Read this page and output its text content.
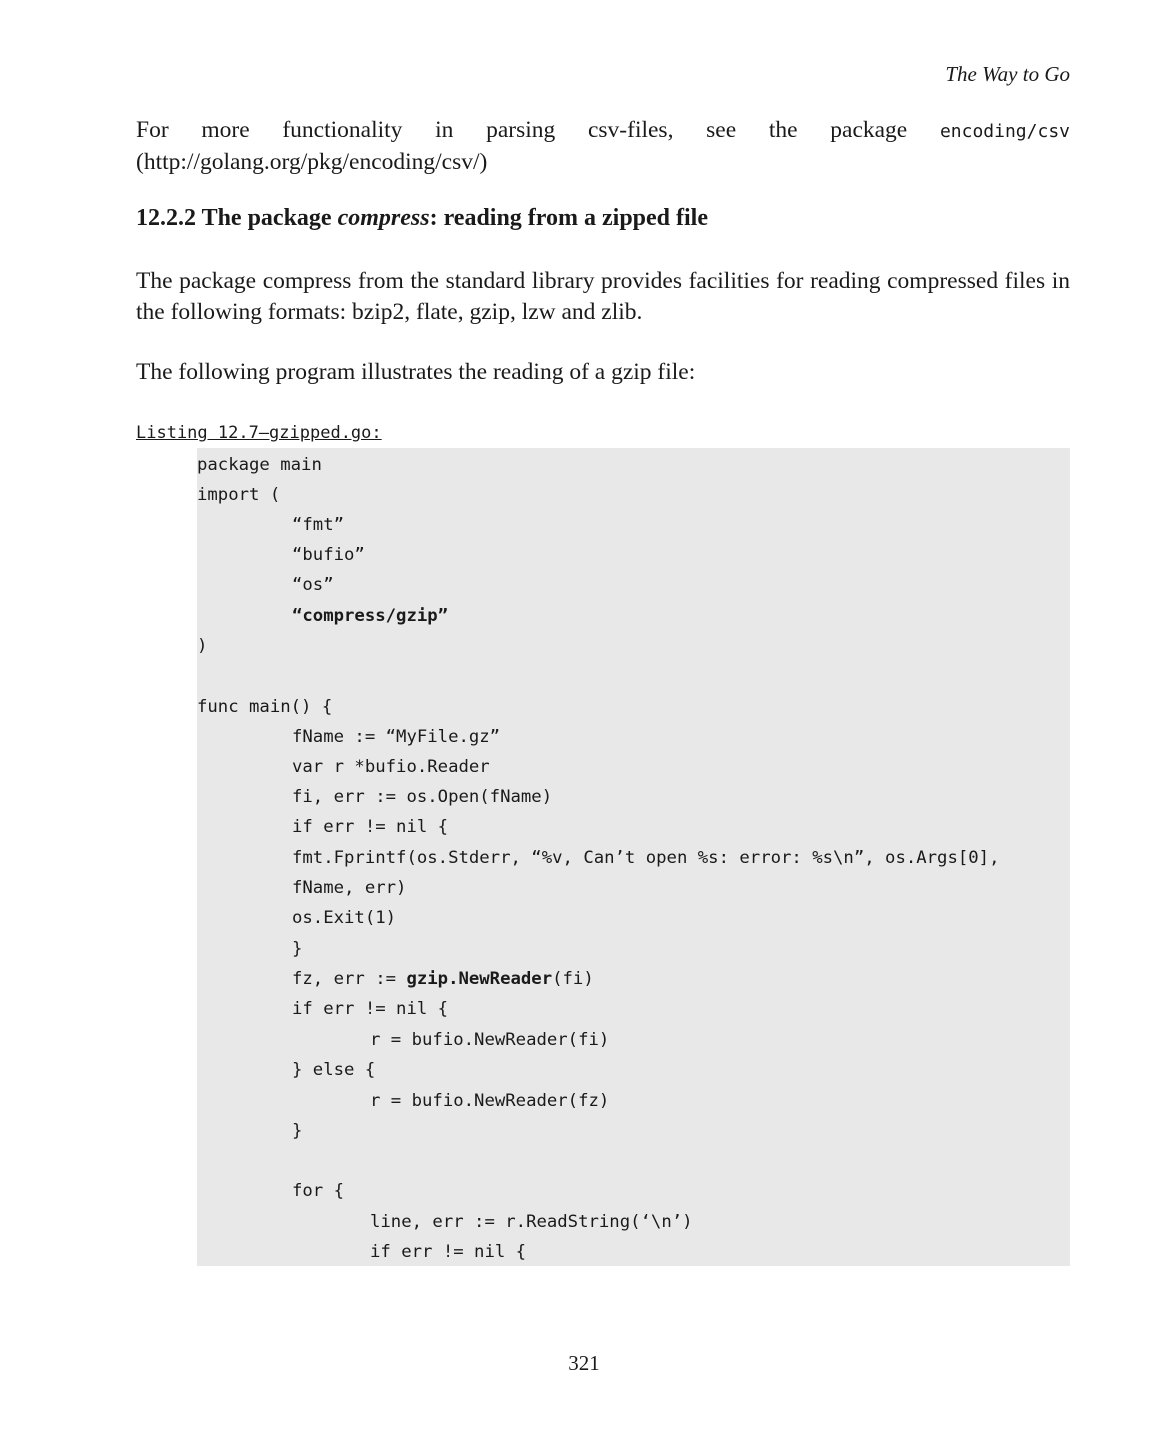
The Way to Go
For more functionality in parsing csv-files, see the package encoding/csv (http://golang.org/pkg/encoding/csv/)
12.2.2 The package compress: reading from a zipped file
The package compress from the standard library provides facilities for reading compressed files in the following formats: bzip2, flate, gzip, lzw and zlib.
The following program illustrates the reading of a gzip file:
Listing 12.7—gzipped.go:
package main
import (
“fmt”
“bufio”
“os”
“compress/gzip”
)
func main() {
fName := “MyFile.gz”
var r *bufio.Reader
fi, err := os.Open(fName)
if err != nil {
fmt.Fprintf(os.Stderr, “%v, Can’t open %s: error: %s\n”, os.Args[0],
fName, err)
os.Exit(1)
}
fz, err := gzip.NewReader(fi)
if err != nil {
r = bufio.NewReader(fi)
} else {
r = bufio.NewReader(fz)
}
for {
line, err := r.ReadString(‘\n’)
if err != nil {
321
